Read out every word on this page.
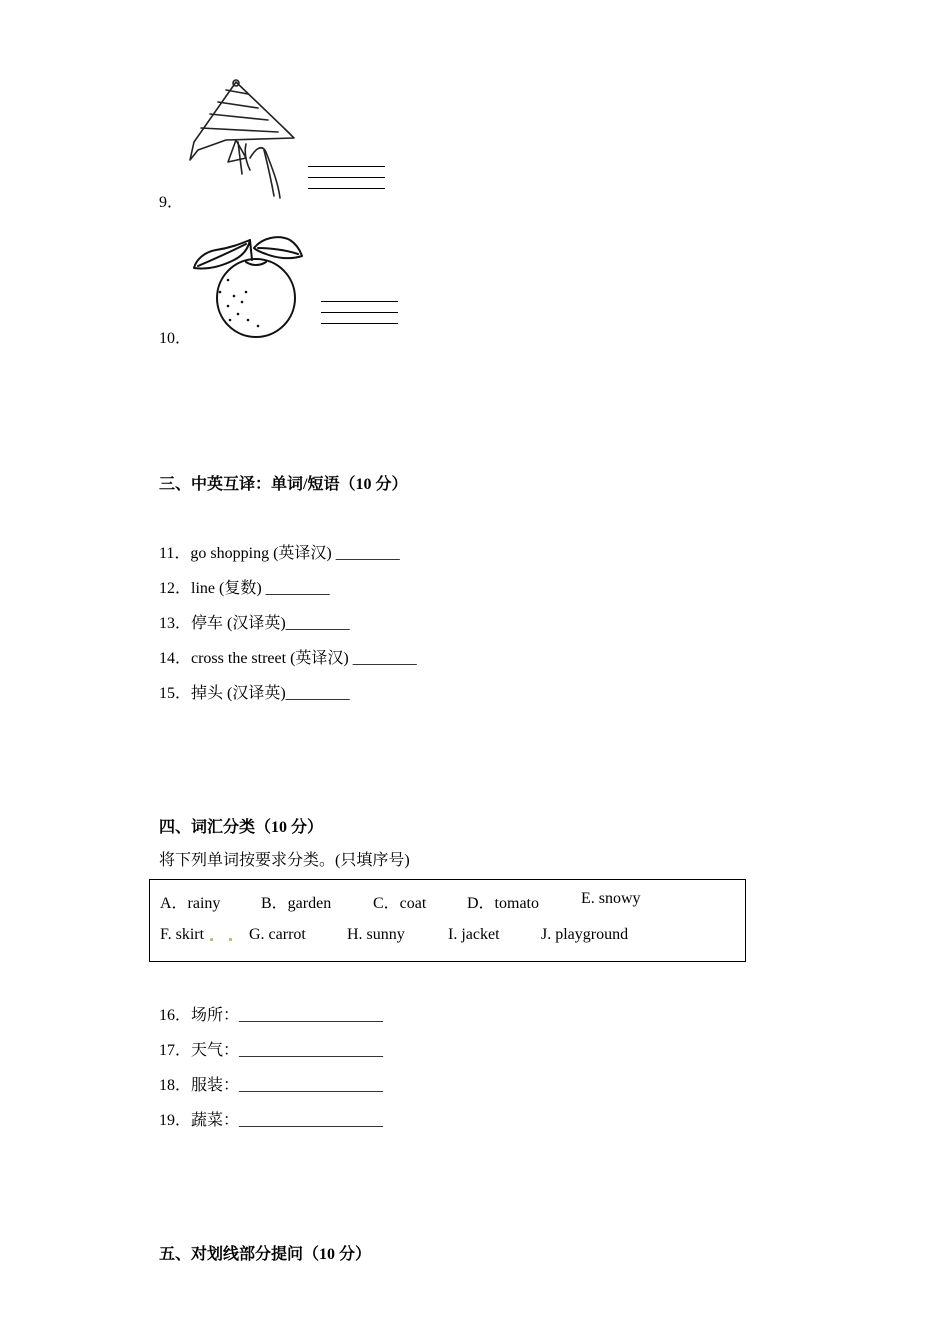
9．
10．
三、中英互译：单词/短语（10 分）
11．go shopping (英译汉) ________
12．line (复数) ________
13．停车 (汉译英)________
14．cross the street (英译汉) ________
15．掉头 (汉译英)________
四、词汇分类（10 分）
将下列单词按要求分类。(只填序号)
A．rainy	B．garden	C．coat	D．tomato	E. snowy
F. skirt	G. carrot	H. sunny	I. jacket	J. playground
16．场所：__________________
17．天气：__________________
18．服装：__________________
19．蔬菜：__________________
五、对划线部分提问（10 分）
